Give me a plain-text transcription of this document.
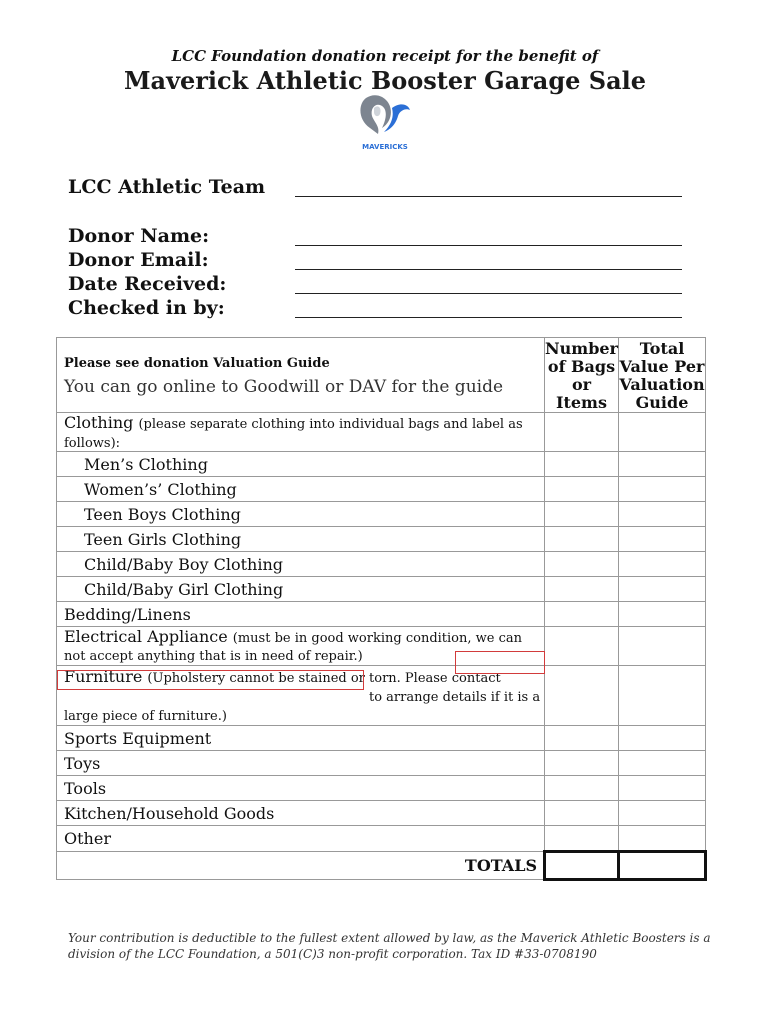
LCC Foundation donation receipt for the benefit of
Maverick Athletic Booster Garage Sale
MAVERICKS
LCC Athletic Team
Donor Name:
Donor Email:
Date Received:
Checked in by:
Please see donation Valuation Guide
You can go online to Goodwill or DAV for the guide	Number of Bags or Items	Total Value Per Valuation Guide
Clothing (please separate clothing into individual bags and label as follows):		
Men’s Clothing		
Women’s’ Clothing		
Teen Boys Clothing		
Teen Girls Clothing		
Child/Baby Boy Clothing		
Child/Baby Girl Clothing		
Bedding/Linens		
Electrical Appliance (must be in good working condition, we can not accept anything that is in need of repair.)		
Furniture (Upholstery cannot be stained or torn. Please contact
to arrange details if it is a
large piece of furniture.)		
Sports Equipment		
Toys		
Tools		
Kitchen/Household Goods		
Other		
TOTALS		
Your contribution is deductible to the fullest extent allowed by law, as the Maverick Athletic Boosters is a division of the LCC Foundation, a 501(C)3 non-profit corporation. Tax ID #33-0708190
